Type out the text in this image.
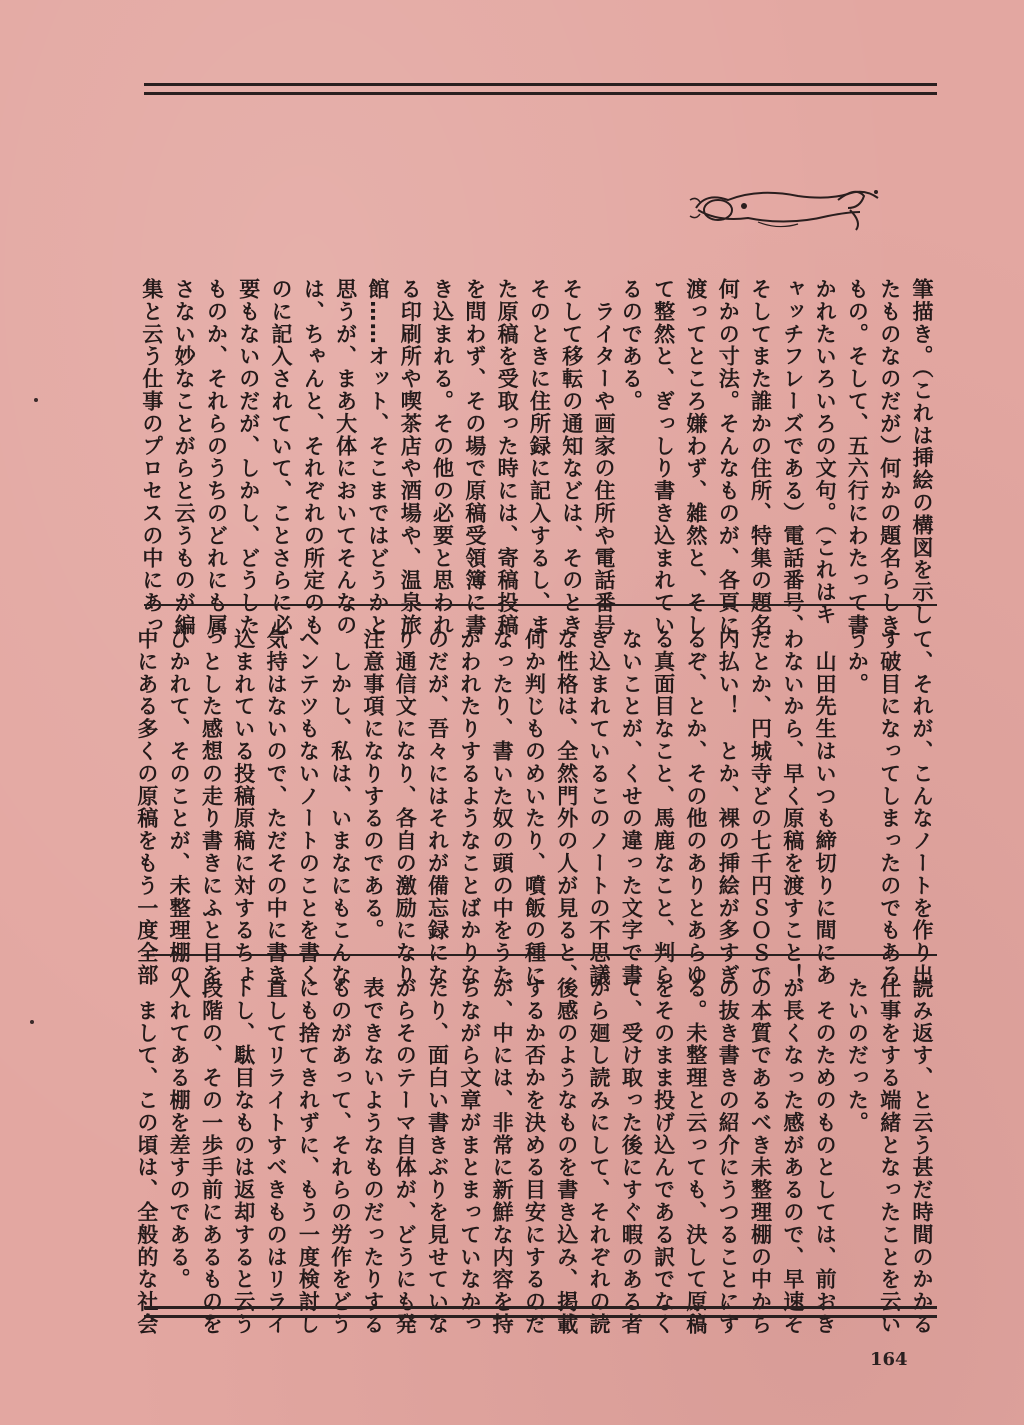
筆描き。（これは挿絵の構図を示し
たものなのだが）何かの題名らしき
もの。そして、五六行にわたって書
かれたいろいろの文句。（これはキ
ャッチフレーズである）電話番号、
そしてまた誰かの住所、特集の題名
何かの寸法。そんなものが、各頁に
渡ってところ嫌わず、雑然と、そし
て整然と、ぎっしり書き込まれてい
るのである。
　ライターや画家の住所や電話番号
そして移転の通知などは、そのとき
そのときに住所録に記入するし、ま
た原稿を受取った時には、寄稿投稿
を問わず、その場で原稿受領簿に書
き込まれる。その他の必要と思われ
る印刷所や喫茶店や酒場や、温泉旅
館……オット、そこまではどうかと
思うが、まあ大体においてそんなの
は、ちゃんと、それぞれの所定のも
のに記入されていて、ことさらに必
要もないのだが、しかし、どうした
ものか、それらのうちのどれにも属
さない妙なことがらと云うものが編
集と云う仕事のプロセスの中にあっ
て、それが、こんなノートを作り出
す破目になってしまったのでもあろ
うか。
　山田先生はいつも締切りに間にあ
わないから、早く原稿を渡すこと！
だとか、円城寺どの七千円ＳＯＳで
内払い！　とか、裸の挿絵が多すぎ
るぞ、とか、その他のありとあらゆ
る真面目なこと、馬鹿なこと、判ら
ないことが、くせの違った文字で書
き込まれているこのノートの不思議
な性格は、全然門外の人が見ると、
何か判じものめいたり、噴飯の種に
なったり、書いた奴の頭の中をうた
がわれたりするようなことばかりな
のだが、吾々にはそれが備忘録にな
り通信文になり、各自の激励になり
注意事項になりするのである。
　しかし、私は、いまなにもこんな
ヘンテツもないノートのことを書く
気持はないので、ただその中に書き
込まれている投稿原稿に対するちょ
っとした感想の走り書きにふと目を
ひかれて、そのことが、未整理棚の
中にある多くの原稿をもう一度全部
読み返す、と云う甚だ時間のかかる
仕事をする端緒となったことを云い
たいのだった。
　そのためのものとしては、前おき
が長くなった感があるので、早速そ
の本質であるべき未整理棚の中から
の抜き書きの紹介にうつることにす
る。未整理と云っても、決して原稿
をそのまま投げ込んである訳でなく
て、受け取った後にすぐ暇のある者
から廻し読みにして、それぞれの読
後感のようなものを書き込み、掲載
するか否かを決める目安にするのだ
が、中には、非常に新鮮な内容を持
ちながら文章がまとまっていなかっ
たり、面白い書きぶりを見せていな
がらそのテーマ自体が、どうにも発
表できないようなものだったりする
ものがあって、それらの労作をどう
にも捨てきれずに、もう一度検討し
直してリライトすべきものはリライ
トし、駄目なものは返却すると云う
段階の、その一歩手前にあるものを
入れてある棚を差すのである。
　まして、この頃は、全般的な社会
164
